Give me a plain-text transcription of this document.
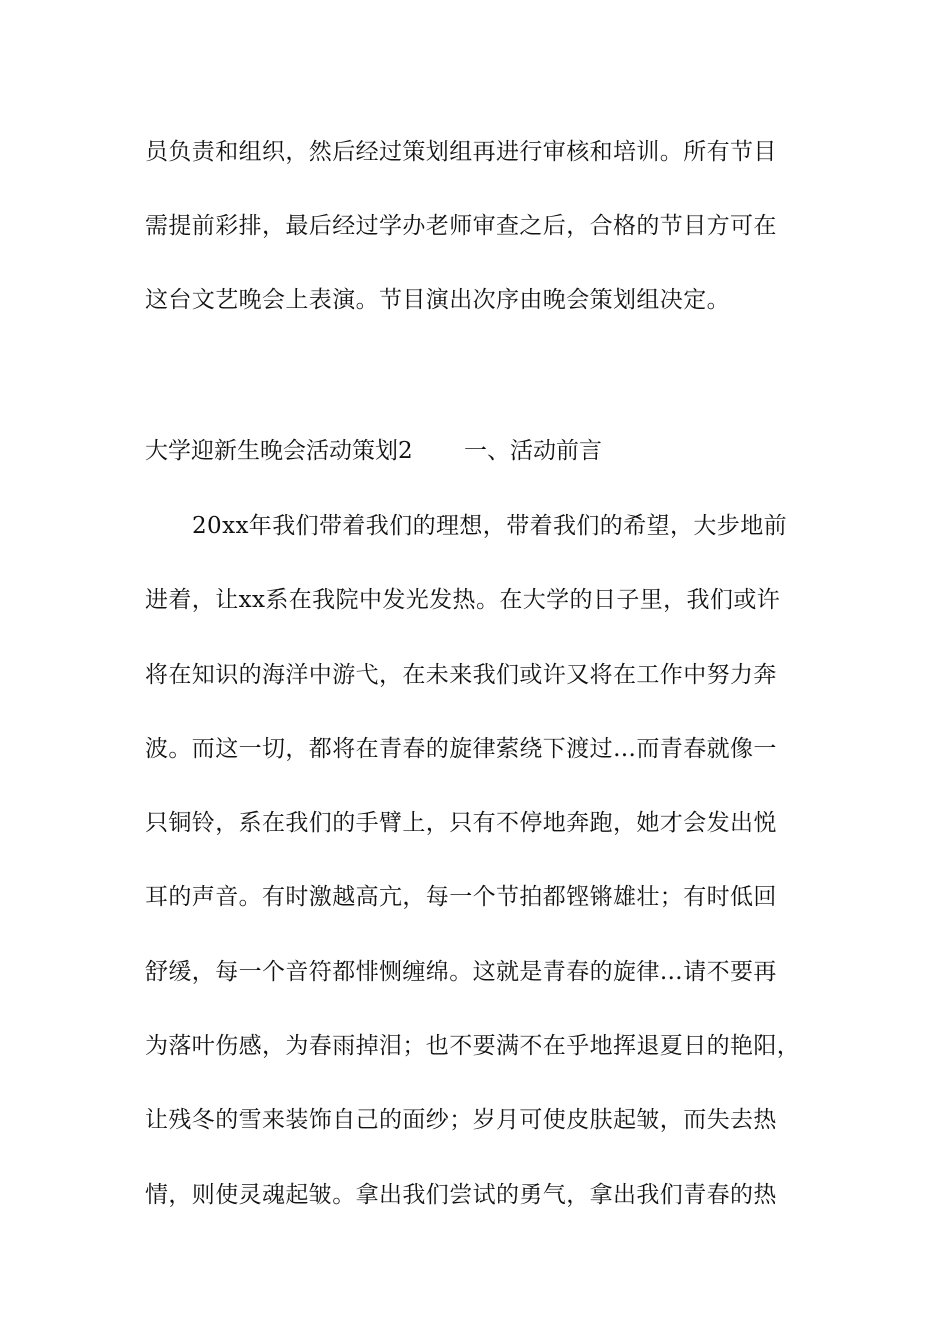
员负责和组织，然后经过策划组再进行审核和培训。所有节目
需提前彩排，最后经过学办老师审查之后，合格的节目方可在
这台文艺晚会上表演。节目演出次序由晚会策划组决定。
大学迎新生晚会活动策划2 一、活动前言
20xx年我们带着我们的理想，带着我们的希望，大步地前
进着，让xx系在我院中发光发热。在大学的日子里，我们或许
将在知识的海洋中游弋，在未来我们或许又将在工作中努力奔
波。而这一切，都将在青春的旋律萦绕下渡过…而青春就像一
只铜铃，系在我们的手臂上，只有不停地奔跑，她才会发出悦
耳的声音。有时激越高亢，每一个节拍都铿锵雄壮；有时低回
舒缓，每一个音符都悱恻缠绵。这就是青春的旋律…请不要再
为落叶伤感，为春雨掉泪；也不要满不在乎地挥退夏日的艳阳，
让残冬的雪来装饰自己的面纱；岁月可使皮肤起皱，而失去热
情，则使灵魂起皱。拿出我们尝试的勇气，拿出我们青春的热
